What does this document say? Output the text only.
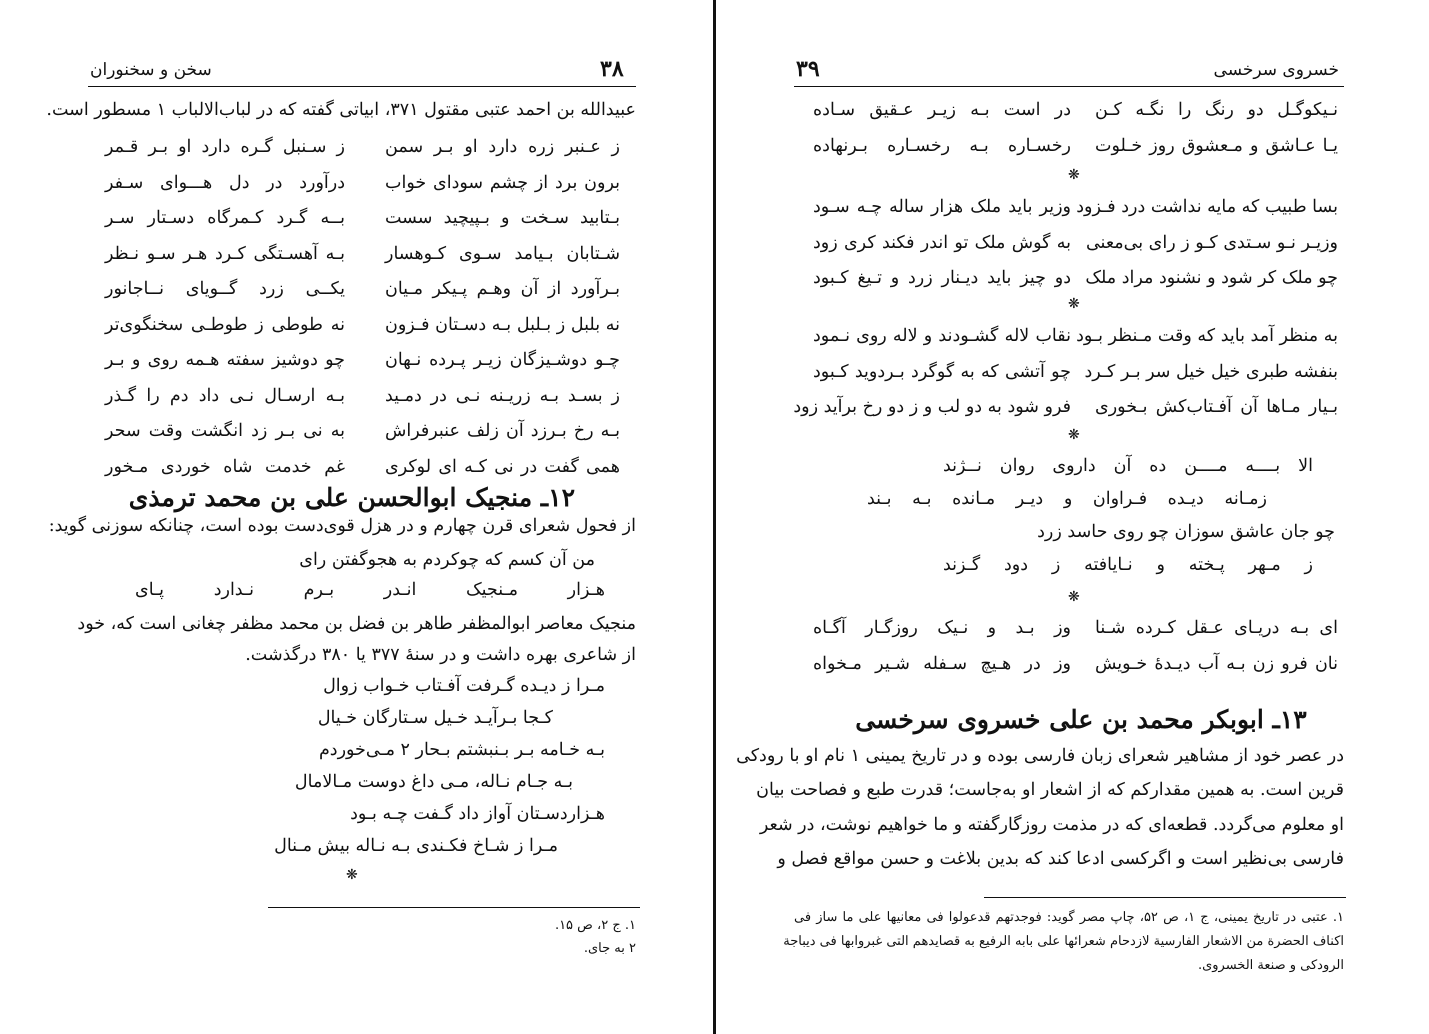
۳۸
سخن و سخنوران
عبیدالله بن احمد عتبی مقتول ۳۷۱، ابیاتی گفته که در لباب‌الالباب ۱ مسطور است.
ز عـنبر زره دارد او بـر سمن
ز سـنبل گـره دارد او بـر قـمر
برون برد از چشم سودای خواب
درآورد در دل هـــوای سـفر
بـتابید سـخت و بـپیچید سست
بــه گـرد کـمرگاه دسـتار سـر
شـتابان بـیامد سـوی کـوهسار
بـه آهسـتگی کـرد هـر سـو نـظر
بـرآورد از آن وهـم پـیکر مـیان
یکــی زرد گــویای نــاجانور
نه بلبل ز بـلبل بـه دسـتان فـزون
نه طوطی ز طوطـی سخنگوی‌تر
چـو دوشـیزگان زیـر پـرده نـهان
چو دوشیز سفته هـمه روی و بـر
ز بسـد بـه زریـنه نـی در دمـید
بـه ارسـال نـی داد دم را گـذر
بـه رخ بـرزد آن زلف عنبرفراش
به نی بـر زد انگشت وقت سحر
همی گفت در نی کـه ای لوکری
غم خدمت شاه خوردی مـخور
۱۲ـ منجیک ابوالحسن علی بن محمد ترمذی
از فحول شعرای قرن چهارم و در هزل قوی‌دست بوده است، چنانکه سوزنی گوید:
من آن کسم که چوکردم به هجوگفتن رای
هـزار مـنجیک انـدر بـرم نـدارد پـای
منجیک معاصر ابوالمظفر طاهر بن فضل بن محمد مظفر چغانی است که، خود
از شاعری بهره داشت و در سنهٔ ۳۷۷ یا ۳۸۰ درگذشت.
مـرا ز دیـده گـرفت آفـتاب خـواب زوال
کـجا بـرآیـد خـیل سـتارگان خـیال
بـه خـامه بـر بـنبشتم بـحار ۲ مـی‌خوردم
بـه جـام نـاله، مـی داغ دوست مـالامال
هـزاردسـتان آواز داد گـفت چـه بـود
مـرا ز شـاخ فکـندی بـه نـاله بیش مـنال
❋
۱. ج ۲، ص ۱۵.
۲ به جای.
۳۹	خسروی سرخسی
نـیکوگـل دو رنگ را نگـه کـن
در است بـه زیـر عـقیق سـاده
یـا عـاشق و مـعشوق روز خـلوت
رخسـاره بـه رخسـاره بـرنهاده
❋
بسا طبیب که مایه نداشت درد فـزود
وزیر باید ملک هزار ساله چـه سـود
وزیـر نـو سـتدی کـو ز رای بی‌معنی
به گوش ملک تو اندر فکند کری زود
چو ملک کر شود و نشنود مراد ملک
دو چیز باید دیـنار زرد و تـیغ کـبود
❋
به منظر آمد باید که وقت مـنظر بـود
نقاب لاله گشـودند و لاله روی نـمود
بنفشه طبری خیل خیل سر بـر کـرد
چو آتشی که به گوگرد بـردوید کـبود
بـیار مـاها آن آفـتاب‌کش بـخوری
فرو شود به دو لب و ز دو رخ برآید زود
❋
الا بــــه مــــن ده آن داروی روان نــژند
زمـانه دیـده فـراوان و دیـر مـانده بـه بـند
چو جان عاشق سوزان چو روی حاسد زرد
ز مـهر پـخته و نـایافته ز دود گـزند
❋
ای بـه دریـای عـقل کـرده شـنا
وز بـد و نـیک روزگـار آگـاه
نان فرو زن بـه آب دیـدهٔ خـویش
وز در هـیچ سـفله شـیر مـخواه
۱۳ـ ابوبکر محمد بن علی خسروی سرخسی
در عصر خود از مشاهیر شعرای زبان فارسی بوده و در تاریخ یمینی ۱ نام او با رودکی
قرین است. به همین مقدارکم که از اشعار او به‌جاست؛ قدرت طبع و فصاحت بیان
او معلوم می‌گردد. قطعه‌ای که در مذمت روزگارگفته و ما خواهیم نوشت، در شعر
فارسی بی‌نظیر است و اگرکسی ادعا کند که بدین بلاغت و حسن مواقع فصل و
۱. عتبی در تاریخ یمینی، ج ۱، ص ۵۲، چاپ مصر گوید: فوجدتهم قدعولوا فی معانیها علی ما ساز فی
اکناف الحضرة من الاشعار الفارسیة لازدحام شعرائها علی بابه الرفیع به قصایدهم التی غبروابها فی دیباجة
الرودکی و صنعة الخسروی.
